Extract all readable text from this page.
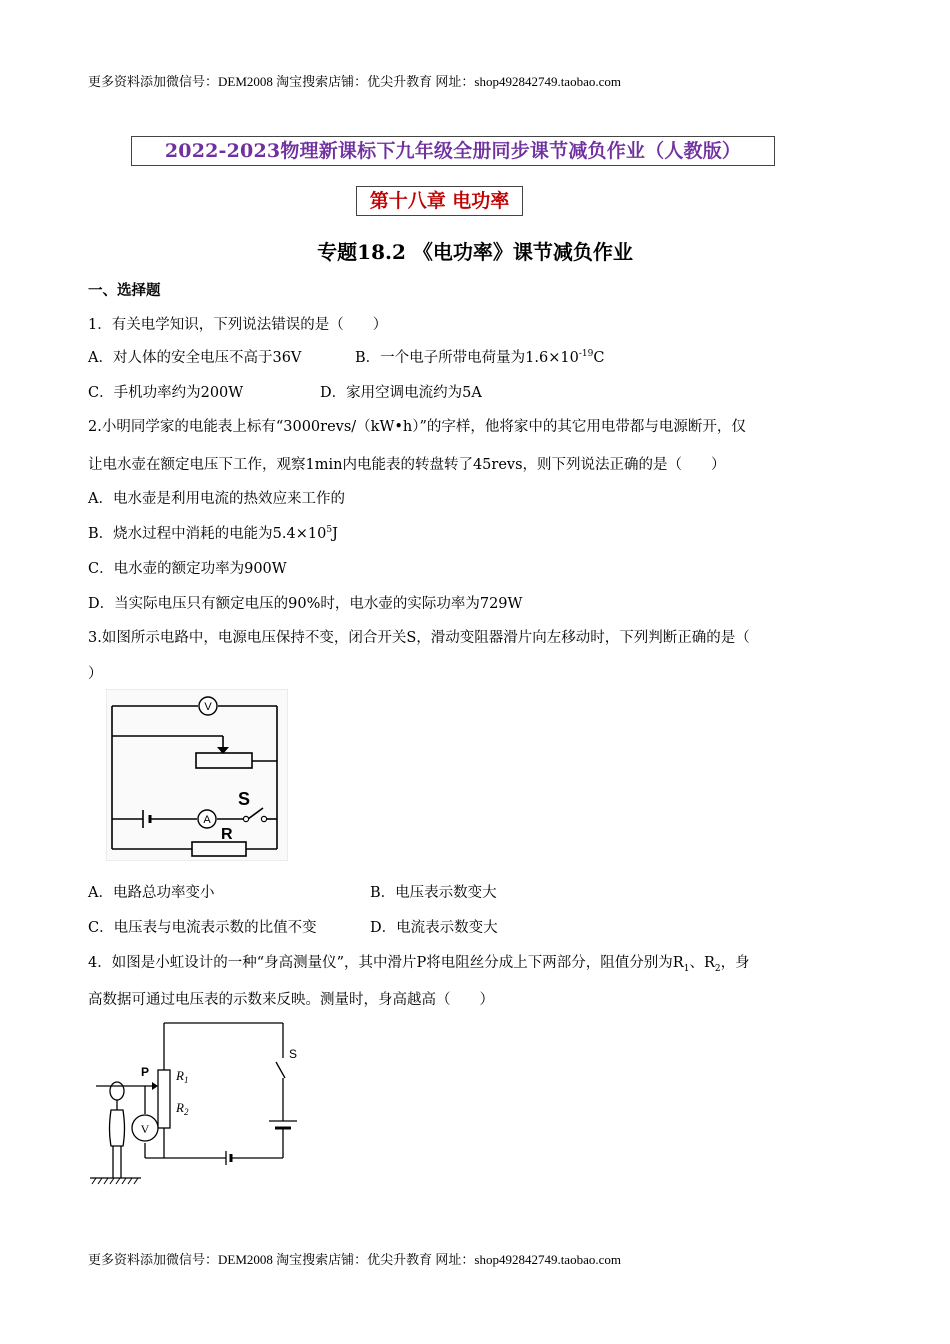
更多资料添加微信号：DEM2008 淘宝搜索店铺：优尖升教育 网址：shop492842749.taobao.com
2022-2023物理新课标下九年级全册同步课节减负作业（人教版）
第十八章 电功率
专题18.2 《电功率》课节减负作业
一、选择题
1．有关电学知识，下列说法错误的是（　　）
A．对人体的安全电压不高于36V	B．一个电子所带电荷量为$1.6\times 10^{-19}C$
C．手机功率约为200W	D．家用空调电流约为5A
2.小明同学家的电能表上标有“3000revs/（kW•h）”的字样，他将家中的其它用电带都与电源断开，仅
让电水壶在额定电压下工作，观察1min内电能表的转盘转了45revs，则下列说法正确的是（　　）
A．电水壶是利用电流的热效应来工作的
B．烧水过程中消耗的电能为$5.4\times 10^5J$
C．电水壶的额定功率为900W
D．当实际电压只有额定电压的90%时，电水壶的实际功率为729W
3.如图所示电路中，电源电压保持不变，闭合开关S，滑动变阻器滑片向左移动时，下列判断正确的是（
）
V
A
S
R
A．电路总功率变小	B．电压表示数变大
C．电压表与电流表示数的比值不变	D．电流表示数变大
4．如图是小虹设计的一种“身高测量仪”，其中滑片P将电阻丝分成上下两部分，阻值分别为$R_1$、$R_2$，身
高数据可通过电压表的示数来反映。测量时，身高越高（　　）
V
P $R_1$
$R_2$
S
更多资料添加微信号：DEM2008 淘宝搜索店铺：优尖升教育 网址：shop492842749.taobao.com
